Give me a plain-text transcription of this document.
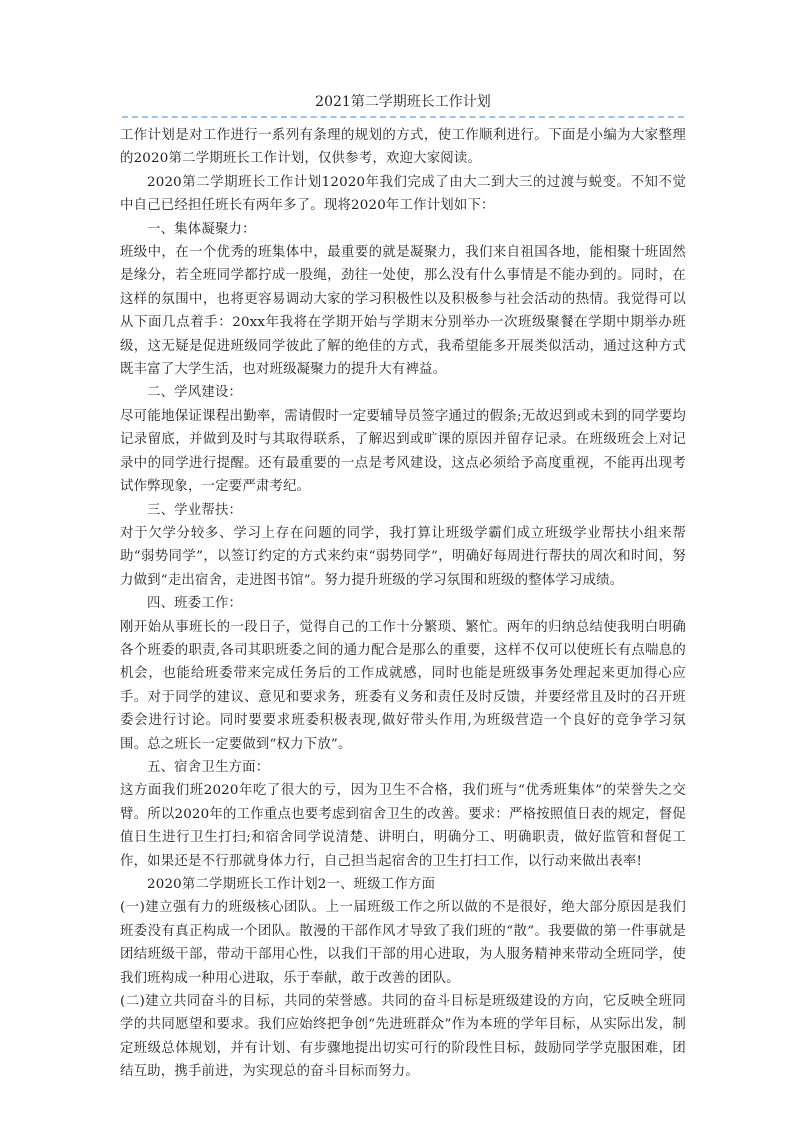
2021第二学期班长工作计划

工作计划是对工作进行一系列有条理的规划的方式，使工作顺利进行。下面是小编为大家整理的2020第二学期班长工作计划，仅供参考，欢迎大家阅读。

2020第二学期班长工作计划12020年我们完成了由大二到大三的过渡与蜕变。不知不觉中自己已经担任班长有两年多了。现将2020年工作计划如下：

一、集体凝聚力：

班级中，在一个优秀的班集体中，最重要的就是凝聚力，我们来自祖国各地，能相聚十班固然是缘分，若全班同学都拧成一股绳，劲往一处使，那么没有什么事情是不能办到的。同时，在这样的氛围中，也将更容易调动大家的学习积极性以及积极参与社会活动的热情。我觉得可以从下面几点着手：20xx年我将在学期开始与学期末分别举办一次班级聚餐在学期中期举办班级，这无疑是促进班级同学彼此了解的绝佳的方式，我希望能多开展类似活动，通过这种方式既丰富了大学生活，也对班级凝聚力的提升大有裨益。

二、学风建设：

尽可能地保证课程出勤率，需请假时一定要辅导员签字通过的假条;无故迟到或未到的同学要均记录留底，并做到及时与其取得联系，了解迟到或旷课的原因并留存记录。在班级班会上对记录中的同学进行提醒。还有最重要的一点是考风建设，这点必须给予高度重视，不能再出现考试作弊现象，一定要严肃考纪。

三、学业帮扶：

对于欠学分较多、学习上存在问题的同学，我打算让班级学霸们成立班级学业帮扶小组来帮助“弱势同学”，以签订约定的方式来约束“弱势同学”，明确好每周进行帮扶的周次和时间，努力做到“走出宿舍，走进图书馆”。努力提升班级的学习氛围和班级的整体学习成绩。

四、班委工作：

刚开始从事班长的一段日子，觉得自己的工作十分繁琐、繁忙。两年的归纳总结使我明白明确各个班委的职责,各司其职班委之间的通力配合是那么的重要，这样不仅可以使班长有点喘息的机会，也能给班委带来完成任务后的工作成就感，同时也能是班级事务处理起来更加得心应手。对于同学的建议、意见和要求务，班委有义务和责任及时反馈，并要经常且及时的召开班委会进行讨论。同时要要求班委积极表现,做好带头作用,为班级营造一个良好的竞争学习氛围。总之班长一定要做到“权力下放”。

五、宿舍卫生方面：

这方面我们班2020年吃了很大的亏，因为卫生不合格，我们班与“优秀班集体”的荣誉失之交臂。所以2020年的工作重点也要考虑到宿舍卫生的改善。要求：严格按照值日表的规定，督促值日生进行卫生打扫;和宿舍同学说清楚、讲明白，明确分工、明确职责，做好监管和督促工作，如果还是不行那就身体力行，自己担当起宿舍的卫生打扫工作，以行动来做出表率!

2020第二学期班长工作计划2一、班级工作方面

(一)建立强有力的班级核心团队。上一届班级工作之所以做的不是很好，绝大部分原因是我们班委没有真正构成一个团队。散漫的干部作风才导致了我们班的“散”。我要做的第一件事就是团结班级干部，带动干部用心性，以我们干部的用心进取，为人服务精神来带动全班同学，使我们班构成一种用心进取，乐于奉献，敢于改善的团队。

(二)建立共同奋斗的目标，共同的荣誉感。共同的奋斗目标是班级建设的方向，它反映全班同学的共同愿望和要求。我们应始终把争创“先进班群众”作为本班的学年目标，从实际出发，制定班级总体规划，并有计划、有步骤地提出切实可行的阶段性目标，鼓励同学学克服困难，团结互助，携手前进，为实现总的奋斗目标而努力。
